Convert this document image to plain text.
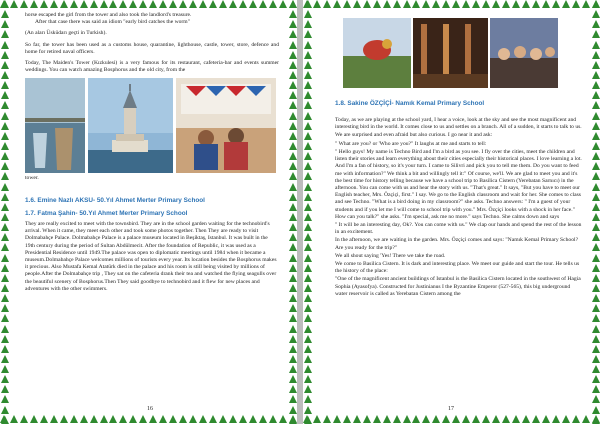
horse escaped the girl from the tower and also took the landlord's treasure.

After that case there was said an idiom "early bird catches the worm"

(An aları Üsküdarı geçti in Turkish).

So far, the tower has been used as a customs house, quarantine, lighthouse, castle, tower, store, defence and home for retired naval officers.

Today, The Maiden's Tower (Kızkulesi) is a very famous for its restaurant, cafeteria-bar and events summer weddings. You can watch amazing Bosphorus and the old city, from the

tower.

1.6. Emine Nazlı AKSU- 50.Yıl Ahmet Merter Primary School
1.7. Fatma Şahin- 50.Yıl Ahmet Merter Primary School

They are really excited to meet with the townsbird. They are in the school garden waiting for the technobird's arrival. When it came, they meet each other and took some photos together. Then They are ready to visit Dolmabahçe Palace. Dolmabahçe Palace is a palace museum located in Beşiktaş, Istanbul. It was built in the 19th century during the period of Sultan Abdülmecit. After the foundation of Republic, it was used as a Presidential Residence until 1949.The palace was open to diplomatic meetings until 1984 when it became a museum.Dolmabahçe Palace welcomes millions of tourists every year. Its location besides the Bosphorus makes it precious. Also Mustafa Kemal Atatürk died in the palace and his room is still being visited by millions of people.After the Dolmabahçe trip , They sat on the cafeteria drank their tea and watched the flying seagulls over the beautiful scenery of Bosphorus.Then They said goodbye to technobird and it flew for new places and adventures with the other swimmers.

16
1.8. Sakine ÖZÇİÇİ- Namık Kemal Primary School

Today, as we are playing at the school yard, I hear a voice, look at the sky and see the most magnificent and interesting bird in the world. It comes close to us and settles on a branch. All of a sudden, it starts to talk to us. We are surprised and even afraid but also curious. I go near it and ask:

" What are you? or 'Who are you?" It laughs at me and starts to tell:

" Hello guys! My name is Techno Bird and I'm a bird as you see. I fly over the cities, meet the children and listen their stories and learn everything about their cities especially their historical places. I love learning a lot. And I'm a fan of history, so it's your turn. I came to Silivri and pick you to tell me them. Do you want to feed me with information?" We think a bit and willingly tell it:" Of course, we'll. We are glad to meet you and it's the best time for history telling because we have a school trip to Basilica Cistern (Yerebatan Sarnıcı) in the afternoon. You can come with us and hear the story with us. "That's great." It says, "But you have to meet our English teacher, Mrs. Özçiçi, first." I say. We go to the English classroom and wait for her. She comes to class and see Techno. "What is a bird doing in my classroom?" she asks. Techno answers: " I'm a guest of your students and if you let me I will come to school trip with you." Mrs. Özçiçi looks with a shock in her face." How can you talk?" she asks. "I'm special, ask me no more." says Techno. She calms down and says

" It will be an interesting day, Ok?. You can come with us." We clap our hands and spend the rest of the lesson in an excitement.

In the afternoon, we are waiting in the garden. Mrs. Özçiçi comes and says: "Namık Kemal Primary School? Are you ready for the trip?"

We all shout saying 'Yes! There we take the road.

We come to Basilica Cistern. It is dark and interesting place. We meet our guide and start the tour. He tells us the history of the place:

"One of the magnificent ancient buildings of Istanbul is the Basilica Cistern located in the southwest of Hagia Sophia (Ayasofya). Constructed for Justinianus I the Byzantine Emperor (527-565), this big underground water reservoir is called as Yerebatan Cistern among the

17
